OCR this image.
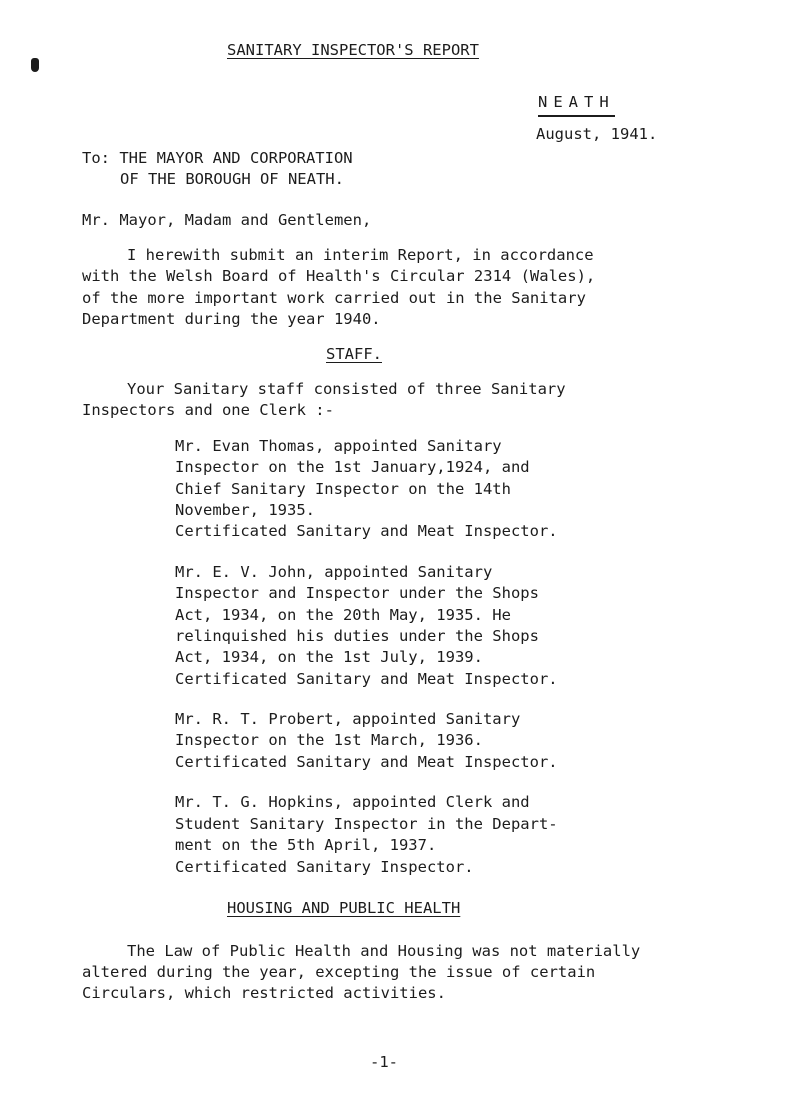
SANITARY INSPECTOR'S REPORT
NEATH
August, 1941.
To: THE MAYOR AND CORPORATION
OF THE BOROUGH OF NEATH.
Mr. Mayor, Madam and Gentlemen,
I herewith submit an interim Report, in accordance
with the Welsh Board of Health's Circular 2314 (Wales),
of the more important work carried out in the Sanitary
Department during the year 1940.
STAFF.
Your Sanitary staff consisted of three Sanitary
Inspectors and one Clerk :-
Mr. Evan Thomas, appointed Sanitary
Inspector on the 1st January,1924, and
Chief Sanitary Inspector on the 14th
November, 1935.
Certificated Sanitary and Meat Inspector.
Mr. E. V. John, appointed Sanitary
Inspector and Inspector under the Shops
Act, 1934, on the 20th May, 1935. He
relinquished his duties under the Shops
Act, 1934, on the 1st July, 1939.
Certificated Sanitary and Meat Inspector.
Mr. R. T. Probert, appointed Sanitary
Inspector on the 1st March, 1936.
Certificated Sanitary and Meat Inspector.
Mr. T. G. Hopkins, appointed Clerk and
Student Sanitary Inspector in the Depart-
ment on the 5th April, 1937.
Certificated Sanitary Inspector.
HOUSING AND PUBLIC HEALTH
The Law of Public Health and Housing was not materially
altered during the year, excepting the issue of certain
Circulars, which restricted activities.
-1-
